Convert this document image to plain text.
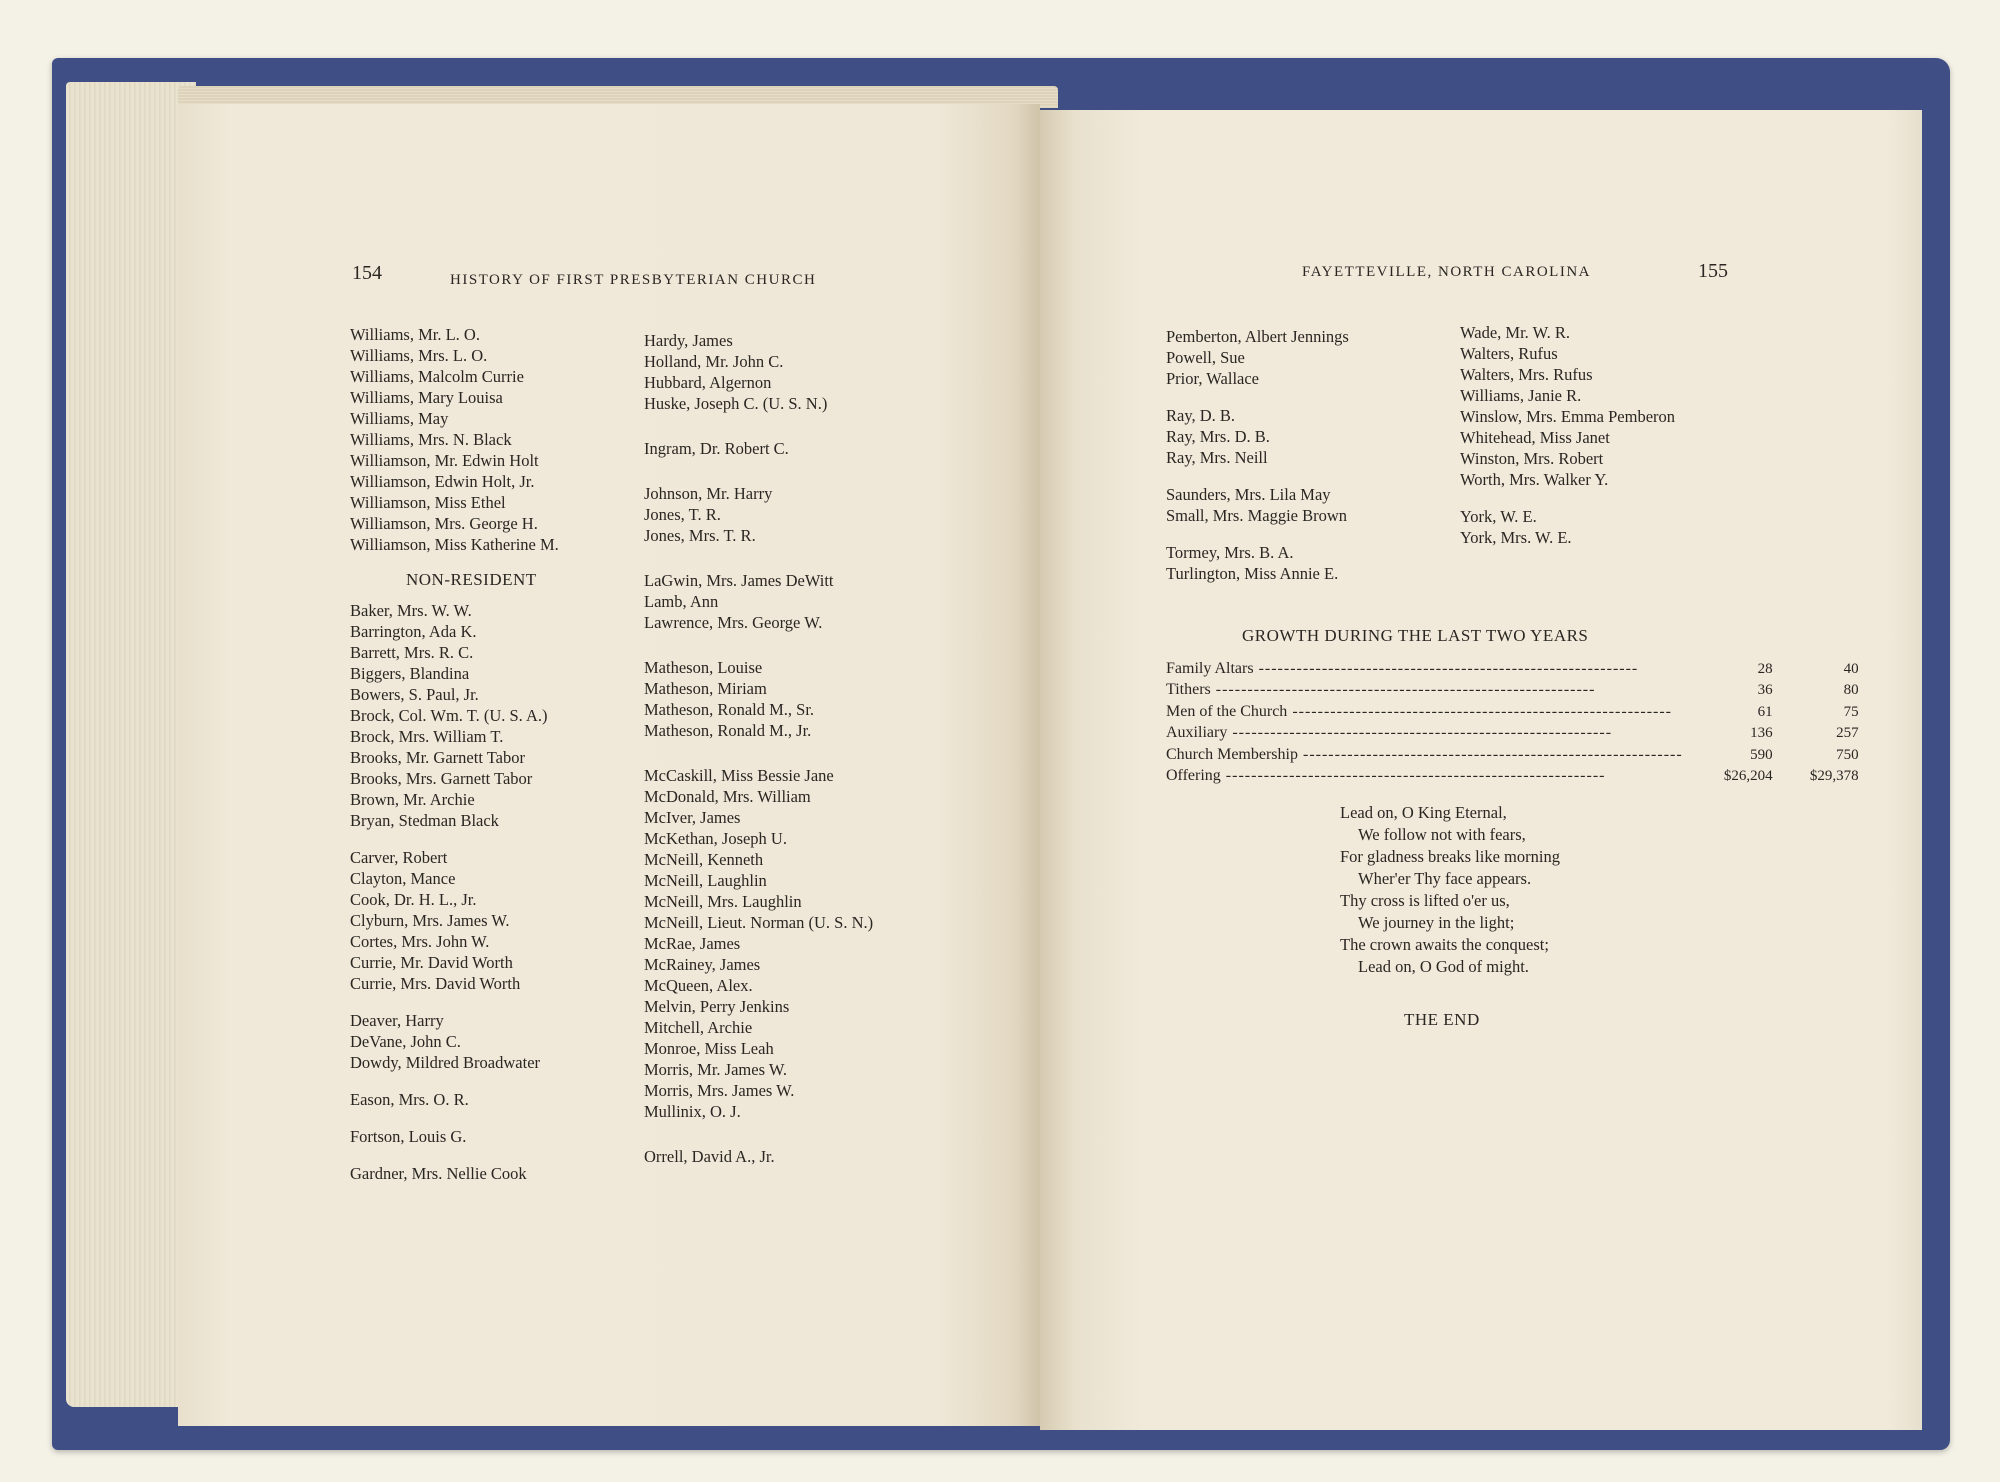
154	HISTORY OF FIRST PRESBYTERIAN CHURCH
Williams, Mr. L. O.
Williams, Mrs. L. O.
Williams, Malcolm Currie
Williams, Mary Louisa
Williams, May
Williams, Mrs. N. Black
Williamson, Mr. Edwin Holt
Williamson, Edwin Holt, Jr.
Williamson, Miss Ethel
Williamson, Mrs. George H.
Williamson, Miss Katherine M.
NON-RESIDENT
Baker, Mrs. W. W.
Barrington, Ada K.
Barrett, Mrs. R. C.
Biggers, Blandina
Bowers, S. Paul, Jr.
Brock, Col. Wm. T. (U. S. A.)
Brock, Mrs. William T.
Brooks, Mr. Garnett Tabor
Brooks, Mrs. Garnett Tabor
Brown, Mr. Archie
Bryan, Stedman Black
Carver, Robert
Clayton, Mance
Cook, Dr. H. L., Jr.
Clyburn, Mrs. James W.
Cortes, Mrs. John W.
Currie, Mr. David Worth
Currie, Mrs. David Worth
Deaver, Harry
DeVane, John C.
Dowdy, Mildred Broadwater
Eason, Mrs. O. R.
Fortson, Louis G.
Gardner, Mrs. Nellie Cook
Hardy, James
Holland, Mr. John C.
Hubbard, Algernon
Huske, Joseph C. (U. S. N.)
Ingram, Dr. Robert C.
Johnson, Mr. Harry
Jones, T. R.
Jones, Mrs. T. R.
LaGwin, Mrs. James DeWitt
Lamb, Ann
Lawrence, Mrs. George W.
Matheson, Louise
Matheson, Miriam
Matheson, Ronald M., Sr.
Matheson, Ronald M., Jr.
McCaskill, Miss Bessie Jane
McDonald, Mrs. William
McIver, James
McKethan, Joseph U.
McNeill, Kenneth
McNeill, Laughlin
McNeill, Mrs. Laughlin
McNeill, Lieut. Norman (U. S. N.)
McRae, James
McRainey, James
McQueen, Alex.
Melvin, Perry Jenkins
Mitchell, Archie
Monroe, Miss Leah
Morris, Mr. James W.
Morris, Mrs. James W.
Mullinix, O. J.
Orrell, David A., Jr.
FAYETTEVILLE, NORTH CAROLINA	155
Pemberton, Albert Jennings
Powell, Sue
Prior, Wallace
Ray, D. B.
Ray, Mrs. D. B.
Ray, Mrs. Neill
Saunders, Mrs. Lila May
Small, Mrs. Maggie Brown
Tormey, Mrs. B. A.
Turlington, Miss Annie E.
Wade, Mr. W. R.
Walters, Rufus
Walters, Mrs. Rufus
Williams, Janie R.
Winslow, Mrs. Emma Pemberon
Whitehead, Miss Janet
Winston, Mrs. Robert
Worth, Mrs. Walker Y.
York, W. E.
York, Mrs. W. E.
GROWTH DURING THE LAST TWO YEARS
Family Altars ------------------------------------------------------------	28	40
Tithers ------------------------------------------------------------	36	80
Men of the Church ------------------------------------------------------------	61	75
Auxiliary ------------------------------------------------------------	136	257
Church Membership ------------------------------------------------------------	590	750
Offering ------------------------------------------------------------	$26,204	$29,378
Lead on, O King Eternal,
We follow not with fears,
For gladness breaks like morning
Wher'er Thy face appears.
Thy cross is lifted o'er us,
We journey in the light;
The crown awaits the conquest;
Lead on, O God of might.
THE END
